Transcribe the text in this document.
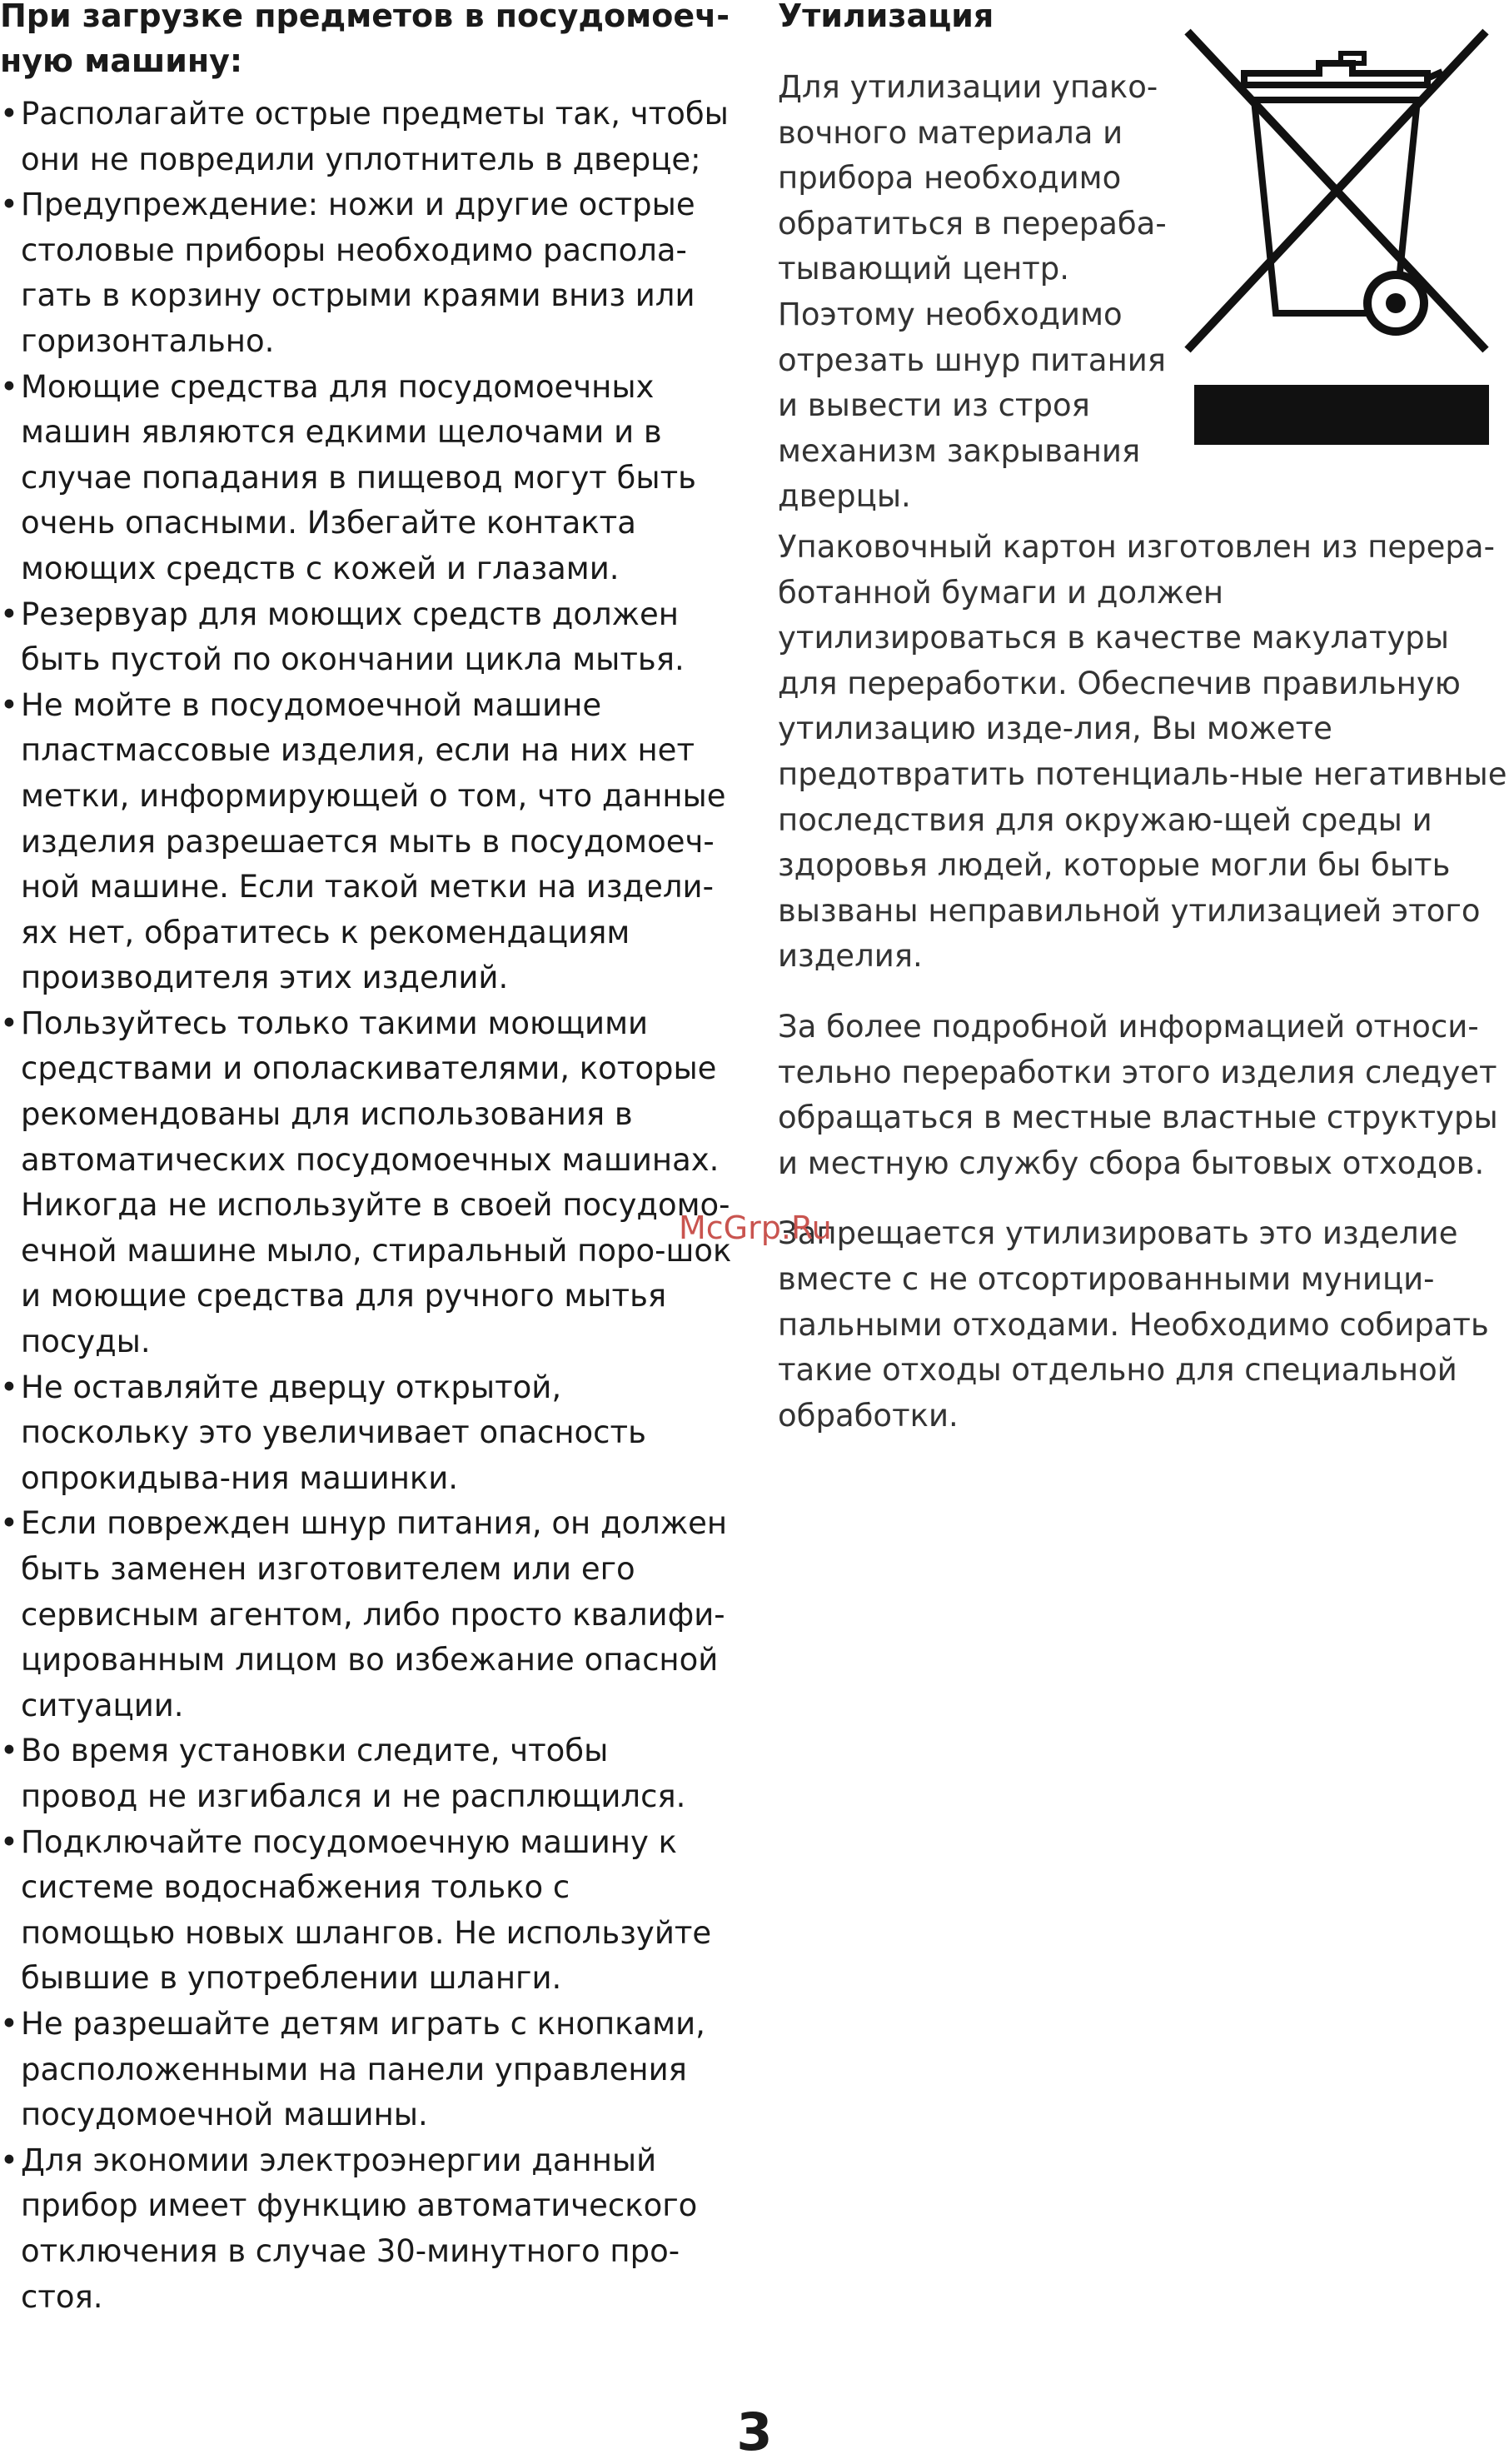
При загрузке предметов в посудомоеч-ную машину:
• Располагайте острые предметы так, чтобы они не повредили уплотнитель в дверце;
• Предупреждение: ножи и другие острые столовые приборы необходимо распола-гать в корзину острыми краями вниз или горизонтально.
• Моющие средства для посудомоечных машин являются едкими щелочами и в случае попадания в пищевод могут быть очень опасными. Избегайте контакта моющих средств с кожей и глазами.
• Резервуар для моющих средств должен быть пустой по окончании цикла мытья.
• Не мойте в посудомоечной машине пластмассовые изделия, если на них нет метки, информирующей о том, что данные изделия разрешается мыть в посудомоеч-ной машине. Если такой метки на издели-ях нет, обратитесь к рекомендациям производителя этих изделий.
• Пользуйтесь только такими моющими средствами и ополаскивателями, которые рекомендованы для использования в автоматических посудомоечных машинах. Никогда не используйте в своей посудомо-ечной машине мыло, стиральный поро-шок и моющие средства для ручного мытья посуды.
• Не оставляйте дверцу открытой, поскольку это увеличивает опасность опрокидыва-ния машинки.
• Если поврежден шнур питания, он должен быть заменен изготовителем или его сервисным агентом, либо просто квалифи-цированным лицом во избежание опасной ситуации.
• Во время установки следите, чтобы провод не изгибался и не расплющился.
• Подключайте посудомоечную машину к системе водоснабжения только с помощью новых шлангов. Не используйте бывшие в употреблении шланги.
• Не разрешайте детям играть с кнопками, расположенными на панели управления посудомоечной машины.
• Для экономии электроэнергии данный прибор имеет функцию автоматического отключения в случае 30-минутного про-стоя.
Утилизация

Для утилизации упако-вочного материала и прибора необходимо обратиться в перераба-тывающий центр. Поэтому необходимо отрезать шнур питания и вывести из строя механизм закрывания дверцы.

Упаковочный картон изготовлен из перера-ботанной бумаги и должен утилизироваться в качестве макулатуры для переработки. Обеспечив правильную утилизацию изде-лия, Вы можете предотвратить потенциаль-ные негативные последствия для окружаю-щей среды и здоровья людей, которые могли бы быть вызваны неправильной утилизацией этого изделия.

За более подробной информацией относи-тельно переработки этого изделия следует обращаться в местные властные структуры и местную службу сбора бытовых отходов.

Запрещается утилизировать это изделие вместе с не отсортированными муници-пальными отходами. Необходимо собирать такие отходы отдельно для специальной обработки.

McGrp.Ru
3
